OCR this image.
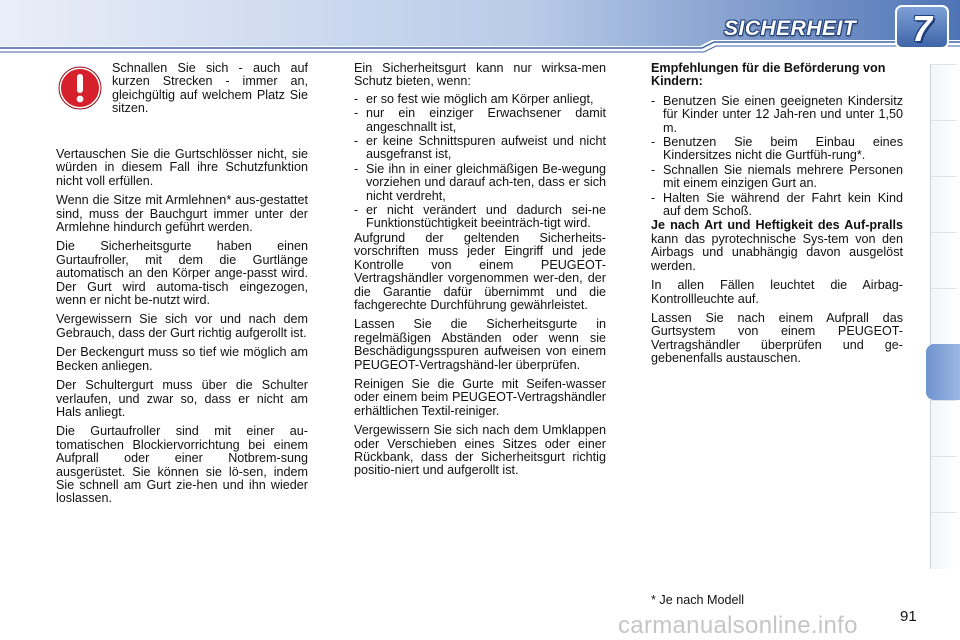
SICHERHEIT 7

Schnallen Sie sich - auch auf kurzen Strecken - immer an, gleichgültig auf welchem Platz Sie sitzen.

Vertauschen Sie die Gurtschlösser nicht, sie würden in diesem Fall ihre Schutzfunktion nicht voll erfüllen.

Wenn die Sitze mit Armlehnen* aus-gestattet sind, muss der Bauchgurt immer unter der Armlehne hindurch geführt werden.

Die Sicherheitsgurte haben einen Gurtaufroller, mit dem die Gurtlänge automatisch an den Körper ange-passt wird. Der Gurt wird automa-tisch eingezogen, wenn er nicht be-nutzt wird.

Vergewissern Sie sich vor und nach dem Gebrauch, dass der Gurt richtig aufgerollt ist.

Der Beckengurt muss so tief wie möglich am Becken anliegen.

Der Schultergurt muss über die Schulter verlaufen, und zwar so, dass er nicht am Hals anliegt.

Die Gurtaufroller sind mit einer au-tomatischen Blockiervorrichtung bei einem Aufprall oder einer Notbrem-sung ausgerüstet. Sie können sie lö-sen, indem Sie schnell am Gurt zie-hen und ihn wieder loslassen.

Ein Sicherheitsgurt kann nur wirksa-men Schutz bieten, wenn:

- er so fest wie möglich am Körper anliegt,
- nur ein einziger Erwachsener damit angeschnallt ist,
- er keine Schnittspuren aufweist und nicht ausgefranst ist,
- Sie ihn in einer gleichmäßigen Be-wegung vorziehen und darauf ach-ten, dass er sich nicht verdreht,
- er nicht verändert und dadurch sei-ne Funktionstüchtigkeit beeinträch-tigt wird.

Aufgrund der geltenden Sicherheits-vorschriften muss jeder Eingriff und jede Kontrolle von einem PEUGEOT-Vertragshändler vorgenommen wer-den, der die Garantie dafür übernimmt und die fachgerechte Durchführung gewährleistet.

Lassen Sie die Sicherheitsgurte in regelmäßigen Abständen oder wenn sie Beschädigungsspuren aufweisen von einem PEUGEOT-Vertragshänd-ler überprüfen.

Reinigen Sie die Gurte mit Seifen-wasser oder einem beim PEUGEOT-Vertragshändler erhältlichen Textil-reiniger.

Vergewissern Sie sich nach dem Umklappen oder Verschieben eines Sitzes oder einer Rückbank, dass der Sicherheitsgurt richtig positio-niert und aufgerollt ist.

Empfehlungen für die Beförderung von Kindern:

- Benutzen Sie einen geeigneten Kindersitz für Kinder unter 12 Jah-ren und unter 1,50 m.
- Benutzen Sie beim Einbau eines Kindersitzes nicht die Gurtfüh-rung*.
- Schnallen Sie niemals mehrere Personen mit einem einzigen Gurt an.
- Halten Sie während der Fahrt kein Kind auf dem Schoß.

Je nach Art und Heftigkeit des Auf-pralls kann das pyrotechnische Sys-tem von den Airbags und unabhängig davon ausgelöst werden.

In allen Fällen leuchtet die Airbag-Kontrollleuchte auf.

Lassen Sie nach einem Aufprall das Gurtsystem von einem PEUGEOT-Vertragshändler überprüfen und ge-gebenenfalls austauschen.

* Je nach Modell
carmanualsonline.info	91
